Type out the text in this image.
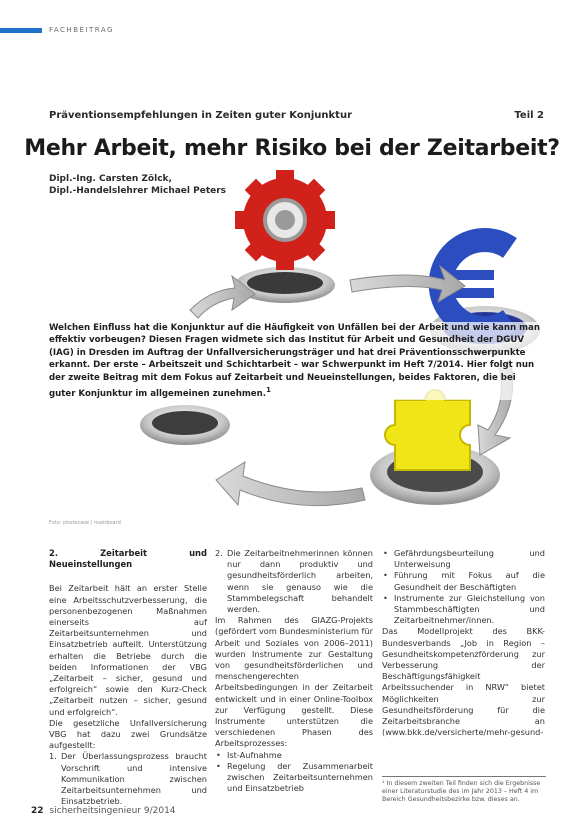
FACHBEITRAG
Präventionsempfehlungen in Zeiten guter Konjunktur	Teil 2
Mehr Arbeit, mehr Risiko bei der Zeitarbeit?
Dipl.-Ing. Carsten Zölck,
Dipl.-Handelslehrer Michael Peters
Welchen Einfluss hat die Konjunktur auf die Häufigkeit von Unfällen bei der Arbeit und wie kann man effektiv vorbeugen? Diesen Fragen widmete sich das Institut für Arbeit und Gesundheit der DGUV (IAG) in Dresden im Auftrag der Unfallversicherungsträger und hat drei Präventionsschwerpunkte erkannt. Der erste – Arbeitszeit und Schichtarbeit – war Schwerpunkt im Heft 7/2014. Hier folgt nun der zweite Beitrag mit dem Fokus auf Zeitarbeit und Neueinstellungen, beides Faktoren, die bei guter Konjunktur im allgemeinen zunehmen.$^1$
Foto: photocase / mainboard
2. Zeitarbeit und Neueinstellungen

Bei Zeitarbeit hält an erster Stelle eine Arbeitsschutzverbesserung, die personenbezogenen Maßnahmen einerseits auf Zeitarbeitsunternehmen und Einsatzbetrieb aufteilt. Unterstützung erhalten die Betriebe durch die beiden Informationen der VBG „Zeitarbeit – sicher, gesund und erfolgreich“ sowie den Kurz-Check „Zeitarbeit nutzen – sicher, gesund und erfolgreich“.

Die gesetzliche Unfallversicherung VBG hat dazu zwei Grundsätze aufgestellt:

1. Der Überlassungsprozess braucht Vorschrift und intensive Kommunikation zwischen Zeitarbeitsunternehmen und Einsatzbetrieb.
2. Die Zeitarbeitnehmerinnen können nur dann produktiv und gesundheitsförderlich arbeiten, wenn sie genauso wie die Stammbelegschaft behandelt werden.

Im Rahmen des GIAZG-Projekts (gefördert vom Bundesministerium für Arbeit und Soziales von 2006–2011) wurden Instrumente zur Gestaltung von gesundheitsförderlichen und menschengerechten Arbeitsbedingungen in der Zeitarbeit entwickelt und in einer Online-Toolbox zur Verfügung gestellt. Diese Instrumente unterstützen die verschiedenen Phasen des Arbeitsprozesses:

• Ist-Aufnahme
• Regelung der Zusammenarbeit zwischen Zeitarbeitsunternehmen und Einsatzbetrieb
• Gefährdungsbeurteilung und Unterweisung
• Führung mit Fokus auf die Gesundheit der Beschäftigten
• Instrumente zur Gleichstellung von Stammbeschäftigten und Zeitarbeitnehmer/innen.

Das Modellprojekt des BKK-Bundesverbands „Job in Region – Gesundheitskompetenzförderung zur Verbesserung der Beschäftigungsfähigkeit Arbeitssuchender in NRW“ bietet Möglichkeiten zur Gesundheitsförderung für die Zeitarbeitsbranche an (www.bkk.de/versicherte/mehr-gesund-

¹ In diesem zweiten Teil finden sich die Ergebnisse einer Literaturstudie des im Jahr 2013 – Heft 4 im Bereich Gesundheitsbezirke bzw. dieses an.
22 sicherheitsingenieur 9/2014
